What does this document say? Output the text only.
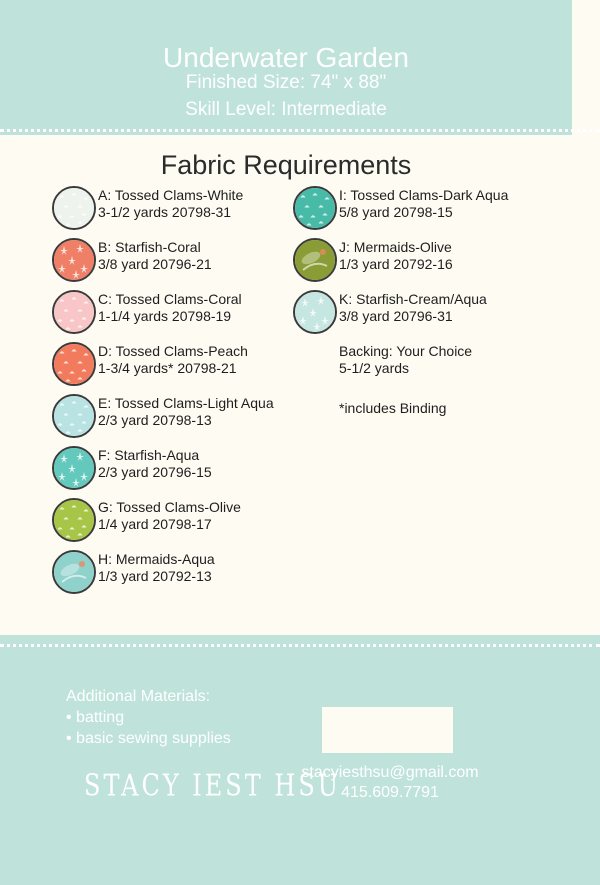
Underwater Garden
Finished Size: 74" x 88"
Skill Level: Intermediate
Fabric Requirements
A: Tossed Clams-White
3-1/2 yards 20798-31
B: Starfish-Coral
3/8 yard 20796-21
C: Tossed Clams-Coral
1-1/4 yards 20798-19
D: Tossed Clams-Peach
1-3/4 yards* 20798-21
E: Tossed Clams-Light Aqua
2/3 yard 20798-13
F: Starfish-Aqua
2/3 yard 20796-15
G: Tossed Clams-Olive
1/4 yard 20798-17
H: Mermaids-Aqua
1/3 yard 20792-13
I: Tossed Clams-Dark Aqua
5/8 yard 20798-15
J: Mermaids-Olive
1/3 yard 20792-16
K: Starfish-Cream/Aqua
3/8 yard 20796-31
Backing: Your Choice
5-1/2 yards
*includes Binding
Additional Materials:
• batting
• basic sewing supplies
STACY IEST HSU
stacyiesthsu@gmail.com
415.609.7791
